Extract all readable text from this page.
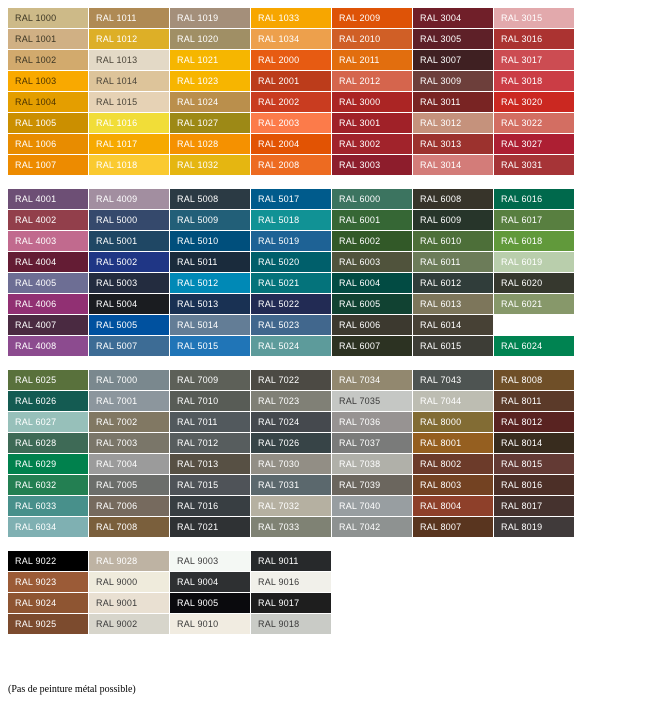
RAL 1000
RAL 1001
RAL 1002
RAL 1003
RAL 1004
RAL 1005
RAL 1006
RAL 1007
RAL 1011
RAL 1012
RAL 1013
RAL 1014
RAL 1015
RAL 1016
RAL 1017
RAL 1018
RAL 1019
RAL 1020
RAL 1021
RAL 1023
RAL 1024
RAL 1027
RAL 1028
RAL 1032
RAL 1033
RAL 1034
RAL 2000
RAL 2001
RAL 2002
RAL 2003
RAL 2004
RAL 2008
RAL 2009
RAL 2010
RAL 2011
RAL 2012
RAL 3000
RAL 3001
RAL 3002
RAL 3003
RAL 3004
RAL 3005
RAL 3007
RAL 3009
RAL 3011
RAL 3012
RAL 3013
RAL 3014
RAL 3015
RAL 3016
RAL 3017
RAL 3018
RAL 3020
RAL 3022
RAL 3027
RAL 3031
RAL 4001
RAL 4002
RAL 4003
RAL 4004
RAL 4005
RAL 4006
RAL 4007
RAL 4008
RAL 4009
RAL 5000
RAL 5001
RAL 5002
RAL 5003
RAL 5004
RAL 5005
RAL 5007
RAL 5008
RAL 5009
RAL 5010
RAL 5011
RAL 5012
RAL 5013
RAL 5014
RAL 5015
RAL 5017
RAL 5018
RAL 5019
RAL 5020
RAL 5021
RAL 5022
RAL 5023
RAL 5024
RAL 6000
RAL 6001
RAL 6002
RAL 6003
RAL 6004
RAL 6005
RAL 6006
RAL 6007
RAL 6008
RAL 6009
RAL 6010
RAL 6011
RAL 6012
RAL 6013
RAL 6014
RAL 6015
RAL 6016
RAL 6017
RAL 6018
RAL 6019
RAL 6020
RAL 6021
RAL 6022
RAL 6024
RAL 6025
RAL 6026
RAL 6027
RAL 6028
RAL 6029
RAL 6032
RAL 6033
RAL 6034
RAL 7000
RAL 7001
RAL 7002
RAL 7003
RAL 7004
RAL 7005
RAL 7006
RAL 7008
RAL 7009
RAL 7010
RAL 7011
RAL 7012
RAL 7013
RAL 7015
RAL 7016
RAL 7021
RAL 7022
RAL 7023
RAL 7024
RAL 7026
RAL 7030
RAL 7031
RAL 7032
RAL 7033
RAL 7034
RAL 7035
RAL 7036
RAL 7037
RAL 7038
RAL 7039
RAL 7040
RAL 7042
RAL 7043
RAL 7044
RAL 8000
RAL 8001
RAL 8002
RAL 8003
RAL 8004
RAL 8007
RAL 8008
RAL 8011
RAL 8012
RAL 8014
RAL 8015
RAL 8016
RAL 8017
RAL 8019
RAL 9022
RAL 9023
RAL 9024
RAL 9025
RAL 9028
RAL 9000
RAL 9001
RAL 9002
RAL 9003
RAL 9004
RAL 9005
RAL 9010
RAL 9011
RAL 9016
RAL 9017
RAL 9018
(Pas de peinture métal possible)
